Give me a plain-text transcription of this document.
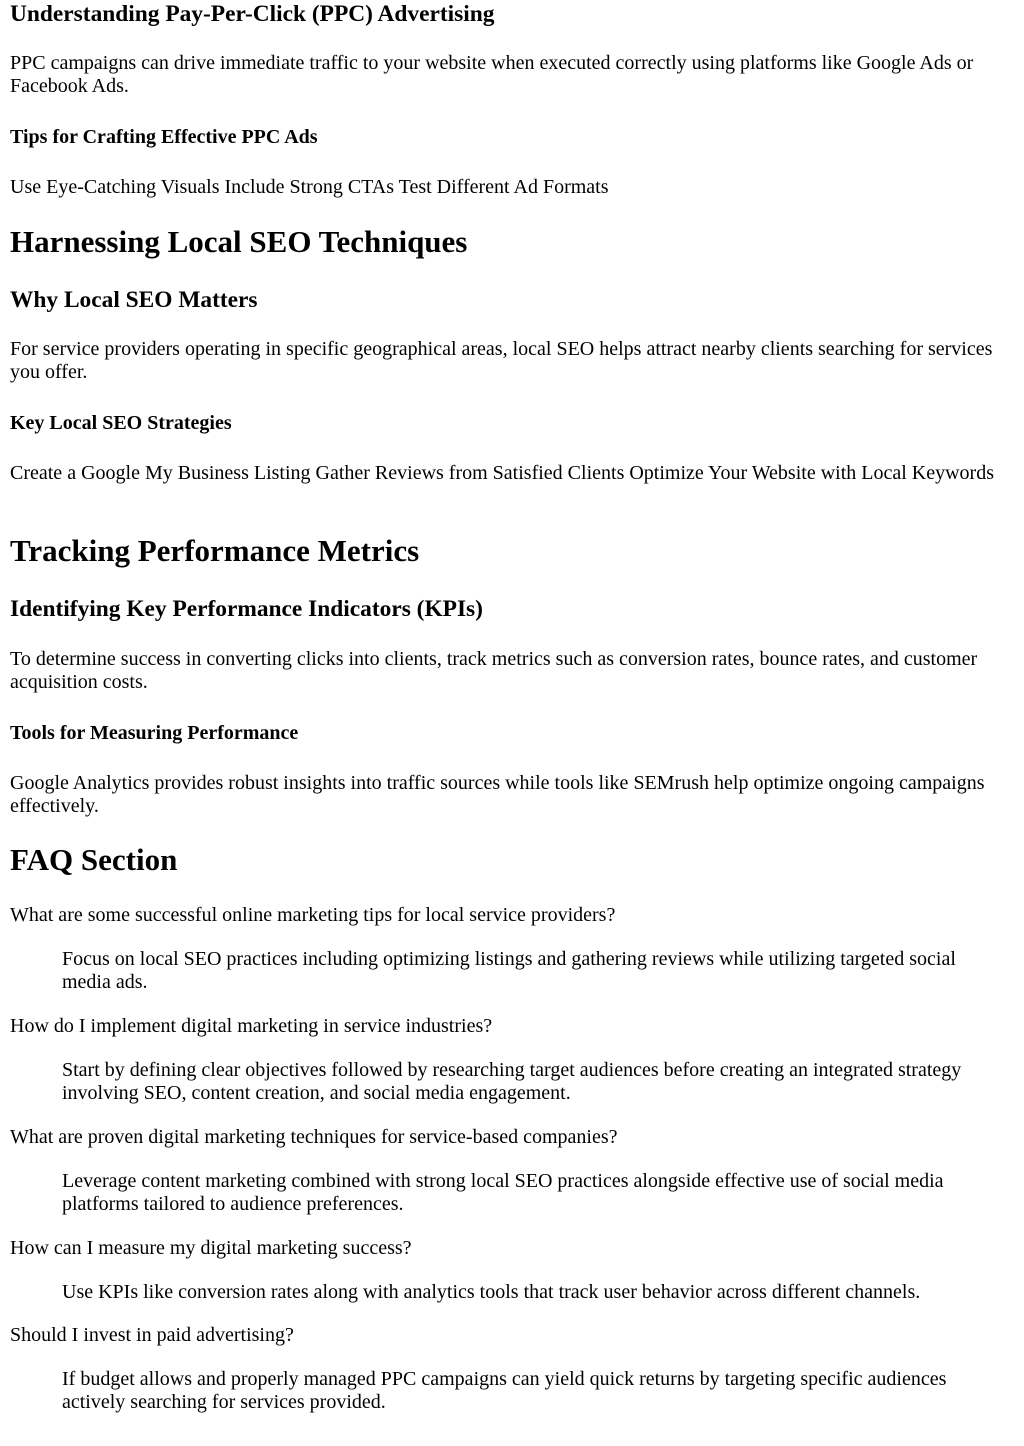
Understanding Pay-Per-Click (PPC) Advertising

PPC campaigns can drive immediate traffic to your website when executed correctly using platforms like Google Ads or Facebook Ads.

Tips for Crafting Effective PPC Ads

Use Eye-Catching Visuals Include Strong CTAs Test Different Ad Formats

Harnessing Local SEO Techniques
Why Local SEO Matters

For service providers operating in specific geographical areas, local SEO helps attract nearby clients searching for services you offer.

Key Local SEO Strategies

Create a Google My Business Listing Gather Reviews from Satisfied Clients Optimize Your Website with Local Keywords

Tracking Performance Metrics
Identifying Key Performance Indicators (KPIs)

To determine success in converting clicks into clients, track metrics such as conversion rates, bounce rates, and customer acquisition costs.

Tools for Measuring Performance

Google Analytics provides robust insights into traffic sources while tools like SEMrush help optimize ongoing campaigns effectively.

FAQ Section
What are some successful online marketing tips for local service providers?
Focus on local SEO practices including optimizing listings and gathering reviews while utilizing targeted social media ads.
How do I implement digital marketing in service industries?
Start by defining clear objectives followed by researching target audiences before creating an integrated strategy involving SEO, content creation, and social media engagement.
What are proven digital marketing techniques for service-based companies?
Leverage content marketing combined with strong local SEO practices alongside effective use of social media platforms tailored to audience preferences.
How can I measure my digital marketing success?
Use KPIs like conversion rates along with analytics tools that track user behavior across different channels.
Should I invest in paid advertising?
If budget allows and properly managed PPC campaigns can yield quick returns by targeting specific audiences actively searching for services provided.
